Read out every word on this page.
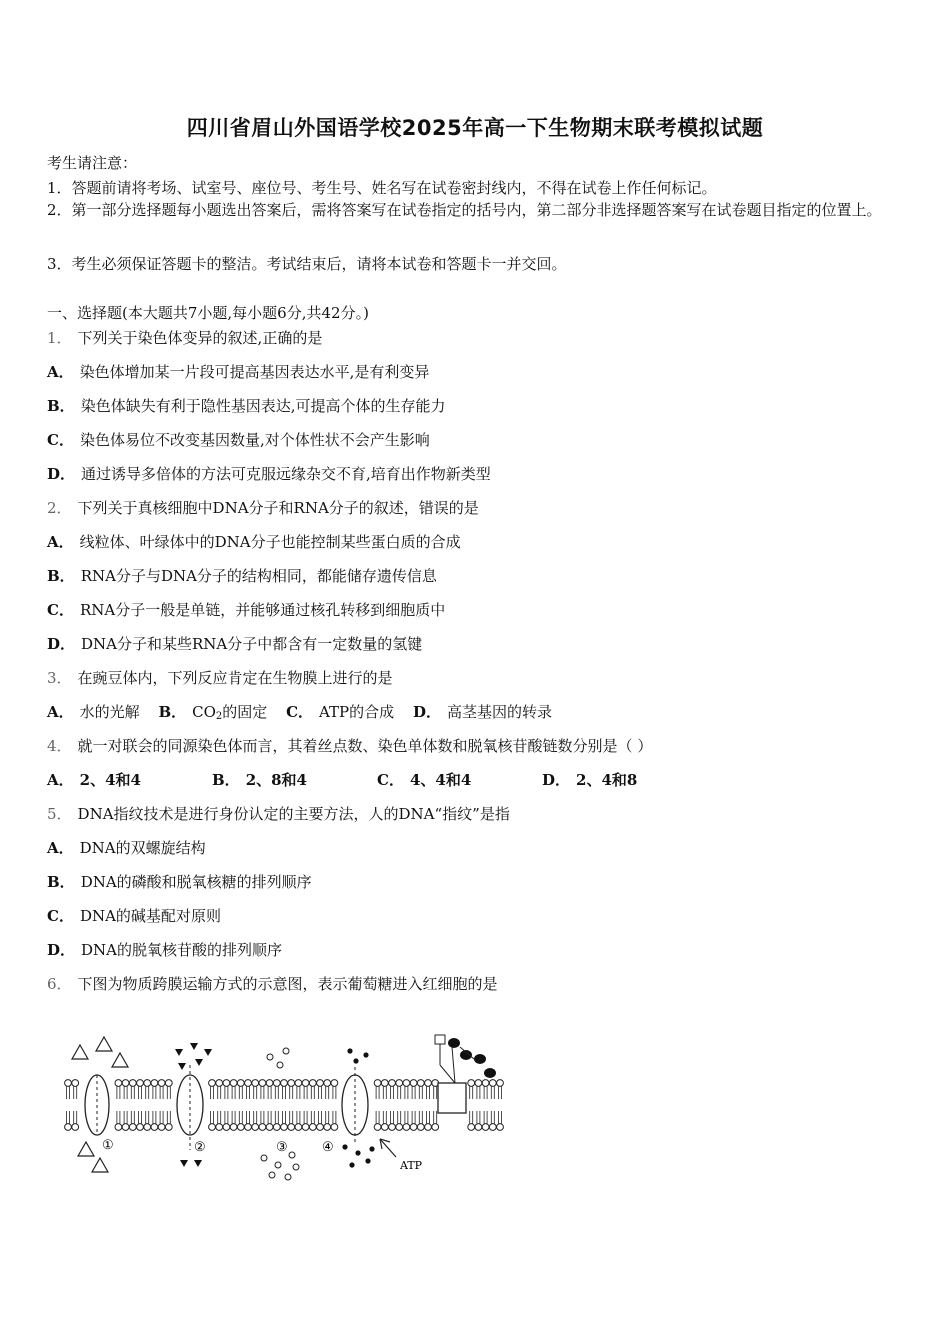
四川省眉山外国语学校2025年高一下生物期末联考模拟试题
考生请注意：
1．答题前请将考场、试室号、座位号、考生号、姓名写在试卷密封线内，不得在试卷上作任何标记。
2．第一部分选择题每小题选出答案后，需将答案写在试卷指定的括号内，第二部分非选择题答案写在试卷题目指定的位置上。
3．考生必须保证答题卡的整洁。考试结束后，请将本试卷和答题卡一并交回。
一、选择题(本大题共7小题,每小题6分,共42分。)
1． 下列关于染色体变异的叙述,正确的是
A． 染色体增加某一片段可提高基因表达水平,是有利变异
B． 染色体缺失有利于隐性基因表达,可提高个体的生存能力
C． 染色体易位不改变基因数量,对个体性状不会产生影响
D． 通过诱导多倍体的方法可克服远缘杂交不育,培育出作物新类型
2． 下列关于真核细胞中DNA分子和RNA分子的叙述，错误的是
A． 线粒体、叶绿体中的DNA分子也能控制某些蛋白质的合成
B． RNA分子与DNA分子的结构相同，都能储存遗传信息
C． RNA分子一般是单链，并能够通过核孔转移到细胞质中
D． DNA分子和某些RNA分子中都含有一定数量的氢键
3． 在豌豆体内，下列反应肯定在生物膜上进行的是
A． 水的光解 B． $CO_2$的固定 C． ATP的合成 D． 高茎基因的转录
4． 就一对联会的同源染色体而言，其着丝点数、染色单体数和脱氧核苷酸链数分别是（ ）
A． 2、4和4	B． 2、8和4	C． 4、4和4	D． 2、4和8
5． DNA指纹技术是进行身份认定的主要方法，人的DNA“指纹”是指
A． DNA的双螺旋结构
B． DNA的磷酸和脱氧核糖的排列顺序
C． DNA的碱基配对原则
D． DNA的脱氧核苷酸的排列顺序
6． 下图为物质跨膜运输方式的示意图，表示葡萄糖进入红细胞的是
①	②	③	④
ATP
